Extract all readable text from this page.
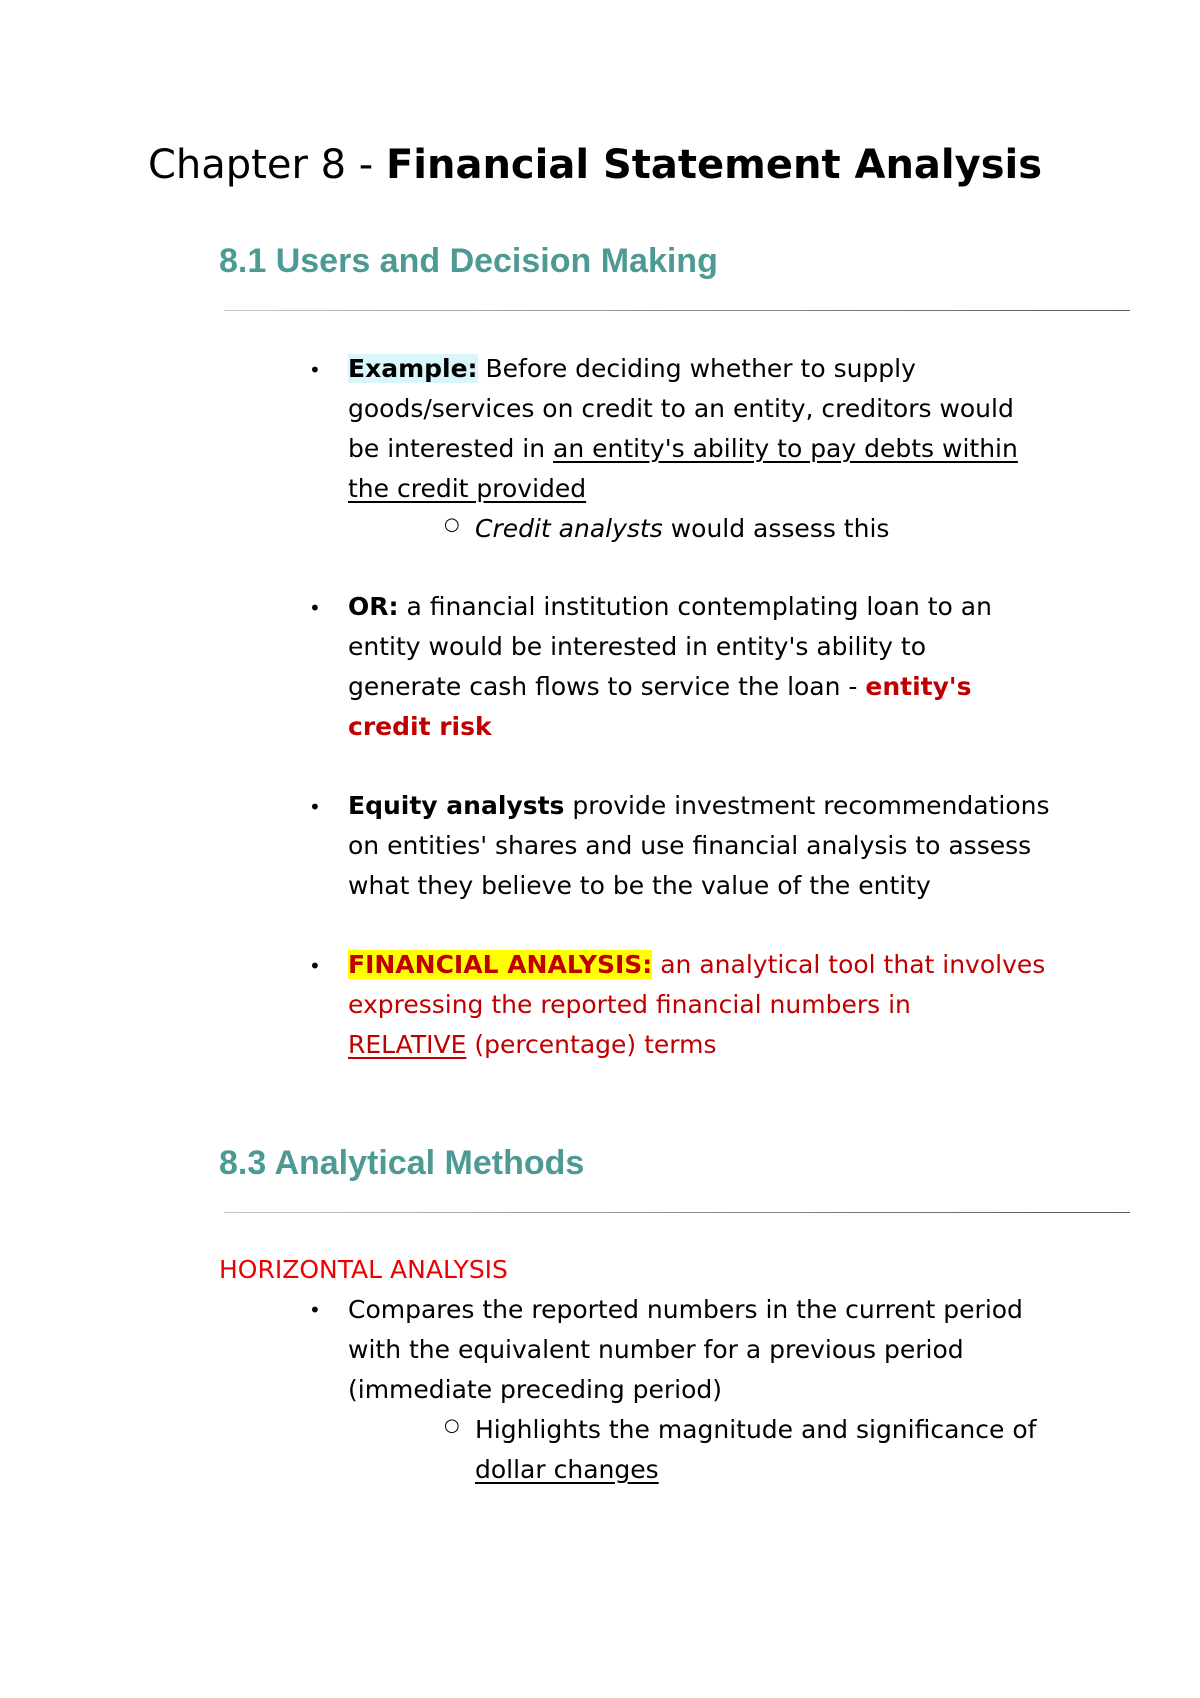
Chapter 8 - Financial Statement Analysis
8.1 Users and Decision Making
• Example: Before deciding whether to supply
goods/services on credit to an entity, creditors would
be interested in an entity's ability to pay debts within
the credit provided
○ Credit analysts would assess this
• OR: a financial institution contemplating loan to an
entity would be interested in entity's ability to
generate cash flows to service the loan - entity's
credit risk
• Equity analysts provide investment recommendations
on entities' shares and use financial analysis to assess
what they believe to be the value of the entity
• FINANCIAL ANALYSIS: an analytical tool that involves
expressing the reported financial numbers in
RELATIVE (percentage) terms
8.3 Analytical Methods
HORIZONTAL ANALYSIS
• Compares the reported numbers in the current period
with the equivalent number for a previous period
(immediate preceding period)
○ Highlights the magnitude and significance of
dollar changes
